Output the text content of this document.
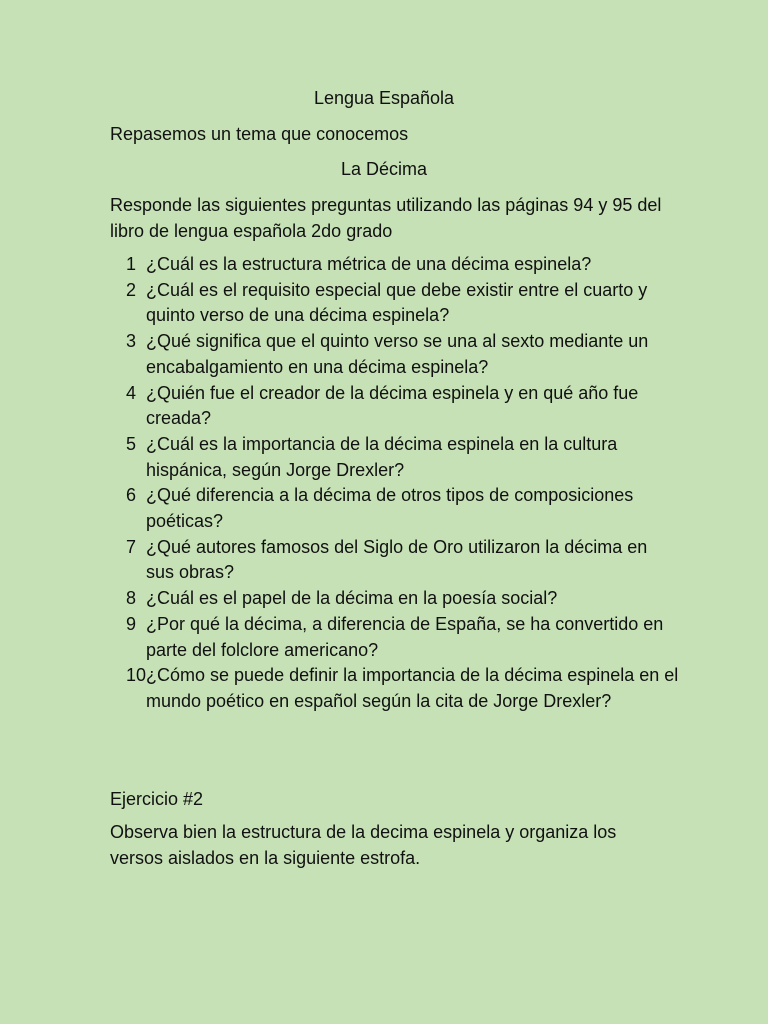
Lengua Española
Repasemos un tema que conocemos
La Décima
Responde las siguientes preguntas utilizando las páginas 94 y 95 del libro de lengua española 2do grado
1 ¿Cuál es la estructura métrica de una décima espinela?
2 ¿Cuál es el requisito especial que debe existir entre el cuarto y quinto verso de una décima espinela?
3 ¿Qué significa que el quinto verso se una al sexto mediante un encabalgamiento en una décima espinela?
4 ¿Quién fue el creador de la décima espinela y en qué año fue creada?
5 ¿Cuál es la importancia de la décima espinela en la cultura hispánica, según Jorge Drexler?
6 ¿Qué diferencia a la décima de otros tipos de composiciones poéticas?
7 ¿Qué autores famosos del Siglo de Oro utilizaron la décima en sus obras?
8 ¿Cuál es el papel de la décima en la poesía social?
9 ¿Por qué la décima, a diferencia de España, se ha convertido en parte del folclore americano?
10 ¿Cómo se puede definir la importancia de la décima espinela en el mundo poético en español según la cita de Jorge Drexler?
Ejercicio #2
Observa bien la estructura de la decima espinela y organiza los versos aislados en la siguiente estrofa.
